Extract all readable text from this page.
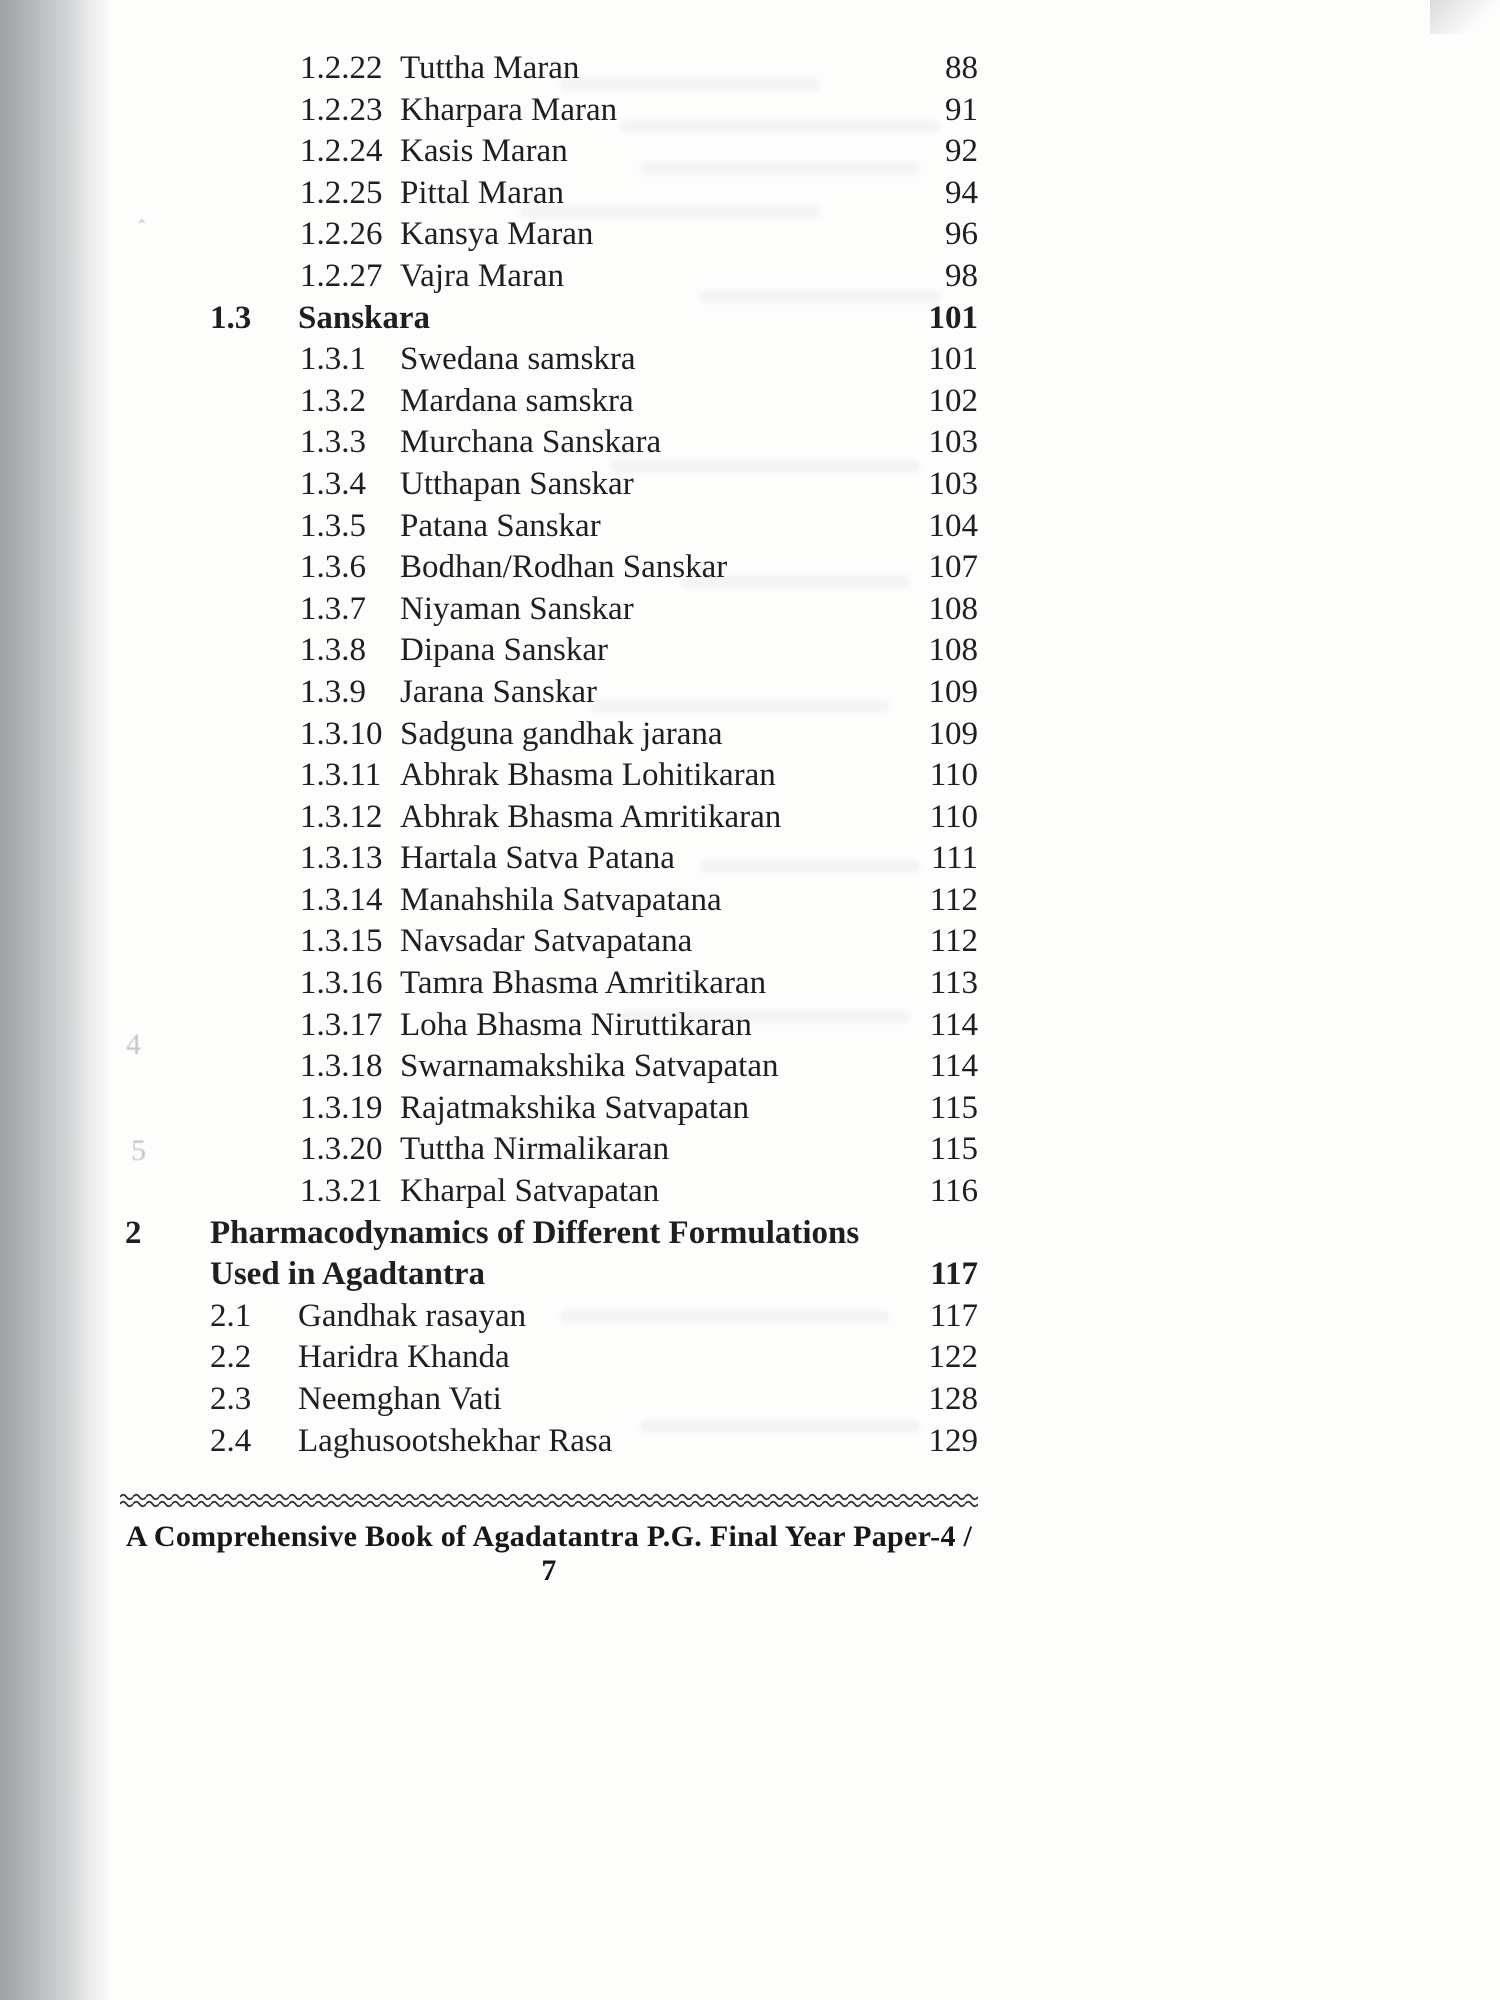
‸
4
5
1.2.22 Tuttha Maran	88
1.2.23 Kharpara Maran	91
1.2.24 Kasis Maran	92
1.2.25 Pittal Maran	94
1.2.26 Kansya Maran	96
1.2.27 Vajra Maran	98
1.3	Sanskara	101
1.3.1	Swedana samskra	101
1.3.2	Mardana samskra	102
1.3.3	Murchana Sanskara	103
1.3.4	Utthapan Sanskar	103
1.3.5	Patana Sanskar	104
1.3.6	Bodhan/Rodhan Sanskar	107
1.3.7	Niyaman Sanskar	108
1.3.8	Dipana Sanskar	108
1.3.9	Jarana Sanskar	109
1.3.10 Sadguna gandhak jarana	109
1.3.11 Abhrak Bhasma Lohitikaran	110
1.3.12 Abhrak Bhasma Amritikaran	110
1.3.13 Hartala Satva Patana	111
1.3.14 Manahshila Satvapatana	112
1.3.15 Navsadar Satvapatana	112
1.3.16 Tamra Bhasma Amritikaran	113
1.3.17 Loha Bhasma Niruttikaran	114
1.3.18 Swarnamakshika Satvapatan	114
1.3.19 Rajatmakshika Satvapatan	115
1.3.20 Tuttha Nirmalikaran	115
1.3.21 Kharpal Satvapatan	116
2	Pharmacodynamics of Different Formulations
Used in Agadtantra	117
2.1	Gandhak rasayan	117
2.2	Haridra Khanda	122
2.3	Neemghan Vati	128
2.4	Laghusootshekhar Rasa	129
A Comprehensive Book of Agadatantra P.G. Final Year Paper-4 / 7
